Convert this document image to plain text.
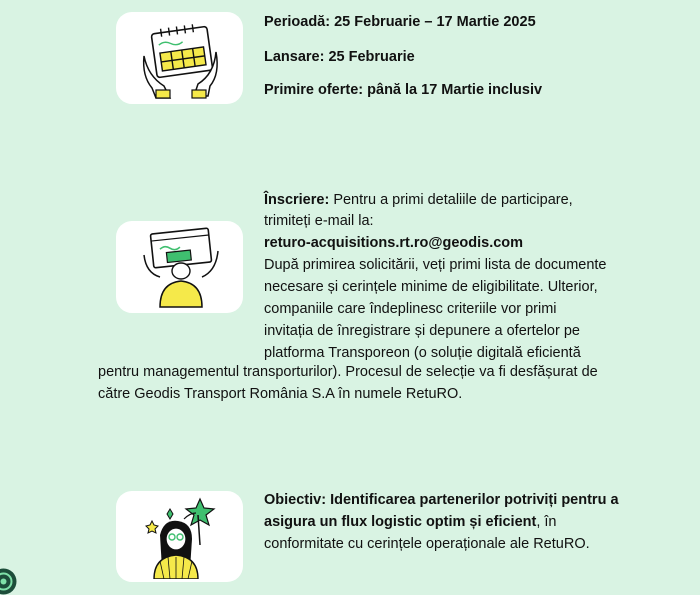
Perioadă: 25 Februarie – 17 Martie 2025
Lansare: 25 Februarie
Primire oferte: până la 17 Martie inclusiv
Înscriere: Pentru a primi detaliile de participare,
trimiteți e-mail la:
returo-acquisitions.rt.ro@geodis.com
După primirea solicitării, veți primi lista de documente
necesare și cerințele minime de eligibilitate. Ulterior,
companiile care îndeplinesc criteriile vor primi
invitația de înregistrare și depunere a ofertelor pe
platforma Transporeon (o soluție digitală eficientă
pentru managementul transporturilor). Procesul de selecție va fi desfășurat de
către Geodis Transport România S.A în numele RetuRO.
Obiectiv: Identificarea partenerilor potriviți pentru a
asigura un flux logistic optim și eficient, în
conformitate cu cerințele operaționale ale RetuRO.
